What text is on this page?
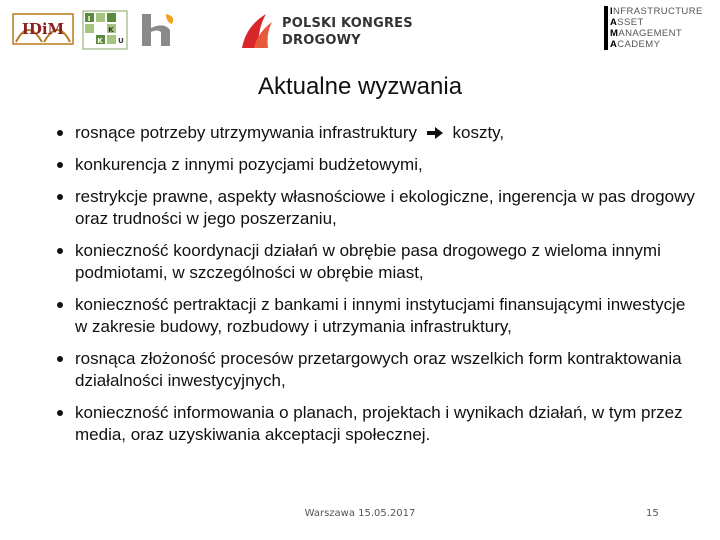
IDiM
I
K
K U
POLSKI KONGRES
DROGOWY
INFRASTRUCTURE
ASSET
MANAGEMENT
ACADEMY
Aktualne wyzwania
rosnące potrzeby utrzymywania infrastruktury koszty,
konkurencja z innymi pozycjami budżetowymi,
restrykcje prawne, aspekty własnościowe i ekologiczne, ingerencja w pas drogowy oraz trudności w jego poszerzaniu,
konieczność koordynacji działań w obrębie pasa drogowego z wieloma innymi podmiotami, w szczególności w obrębie miast,
konieczność pertraktacji z bankami i innymi instytucjami finansującymi inwestycje w zakresie budowy, rozbudowy i utrzymania infrastruktury,
rosnąca złożoność procesów przetargowych oraz wszelkich form kontraktowania działalności inwestycyjnych,
konieczność informowania o planach, projektach i wynikach działań, w tym przez media, oraz uzyskiwania akceptacji społecznej.
Warszawa 15.05.2017	15
